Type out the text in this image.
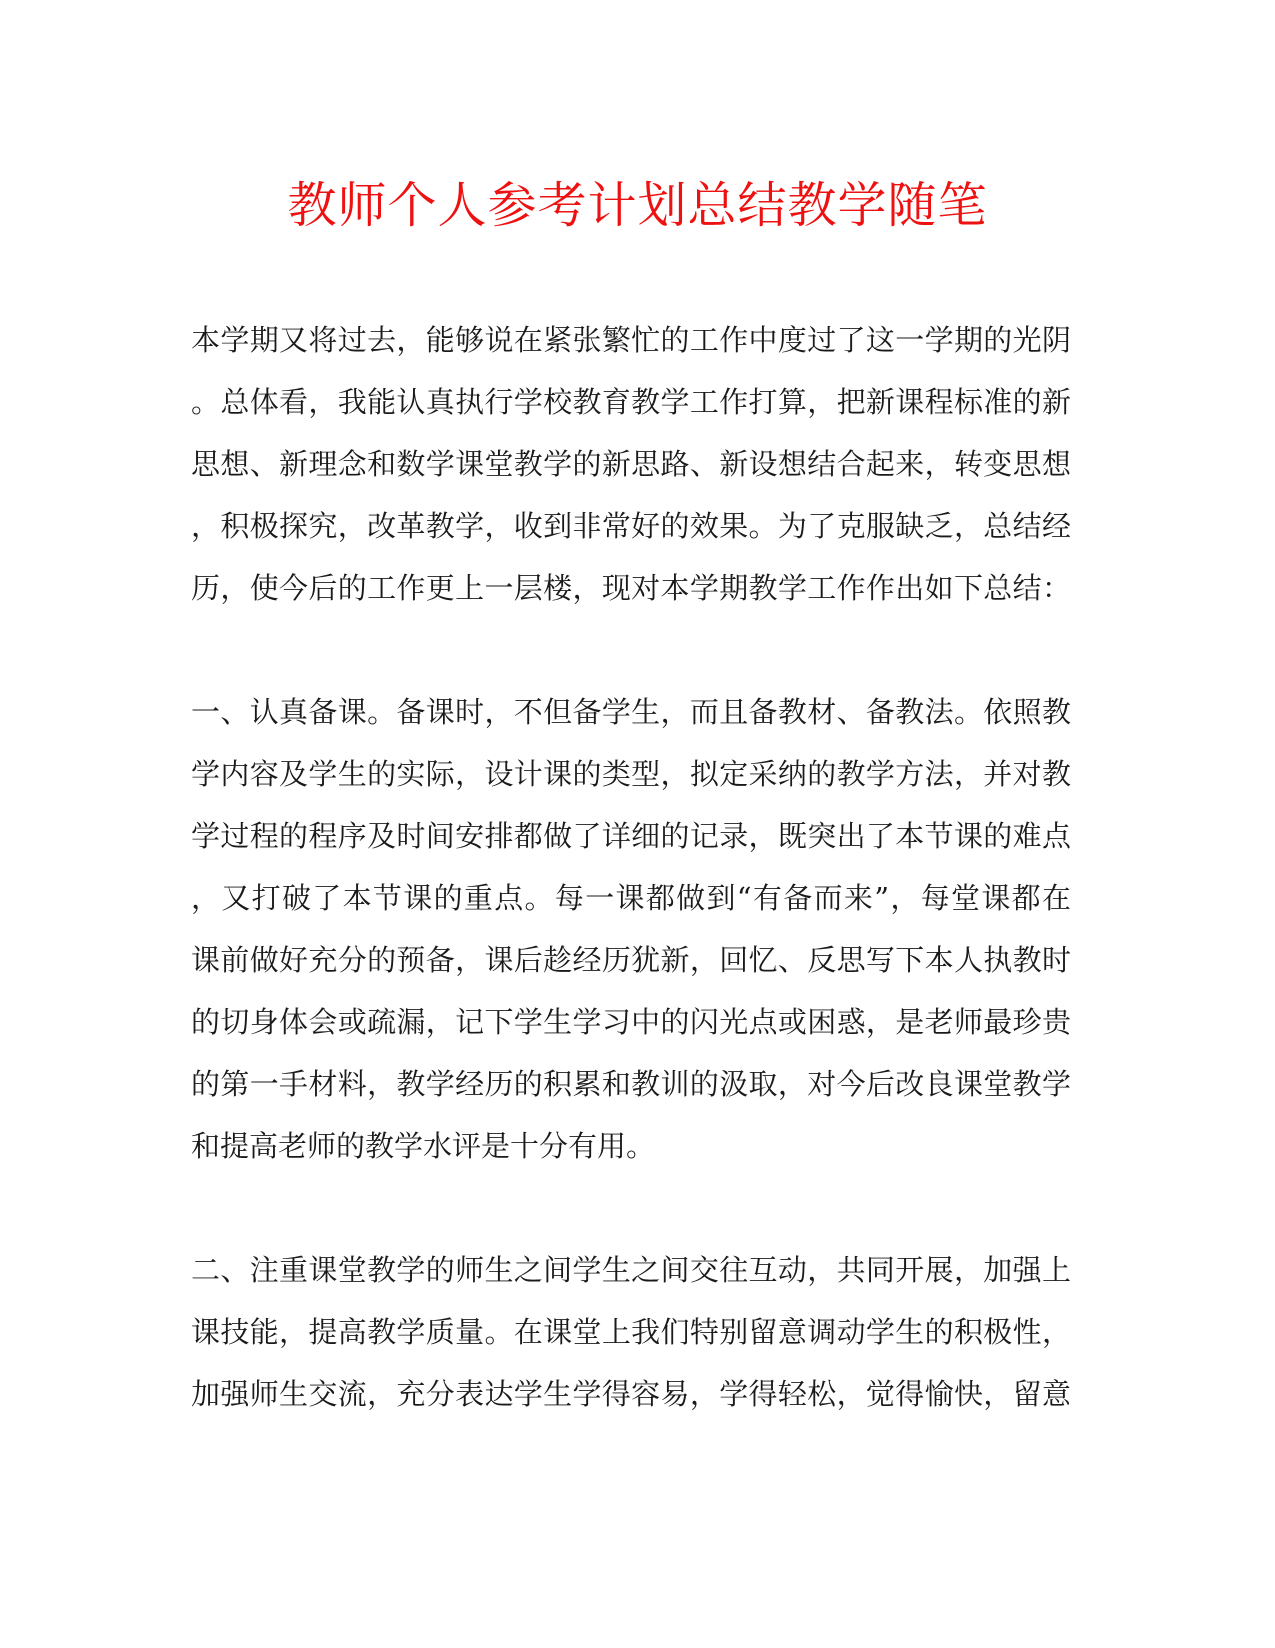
教师个人参考计划总结教学随笔
本学期又将过去，能够说在紧张繁忙的工作中度过了这一学期的光阴
。总体看，我能认真执行学校教育教学工作打算，把新课程标准的新
思想、新理念和数学课堂教学的新思路、新设想结合起来，转变思想
，积极探究，改革教学，收到非常好的效果。为了克服缺乏，总结经
历，使今后的工作更上一层楼，现对本学期教学工作作出如下总结：
一、认真备课。备课时，不但备学生，而且备教材、备教法。依照教
学内容及学生的实际，设计课的类型，拟定采纳的教学方法，并对教
学过程的程序及时间安排都做了详细的记录，既突出了本节课的难点
，又打破了本节课的重点。每一课都做到“有备而来”，每堂课都在
课前做好充分的预备，课后趁经历犹新，回忆、反思写下本人执教时
的切身体会或疏漏，记下学生学习中的闪光点或困惑，是老师最珍贵
的第一手材料，教学经历的积累和教训的汲取，对今后改良课堂教学
和提高老师的教学水评是十分有用。
二、注重课堂教学的师生之间学生之间交往互动，共同开展，加强上
课技能，提高教学质量。在课堂上我们特别留意调动学生的积极性，
加强师生交流，充分表达学生学得容易，学得轻松，觉得愉快，留意
